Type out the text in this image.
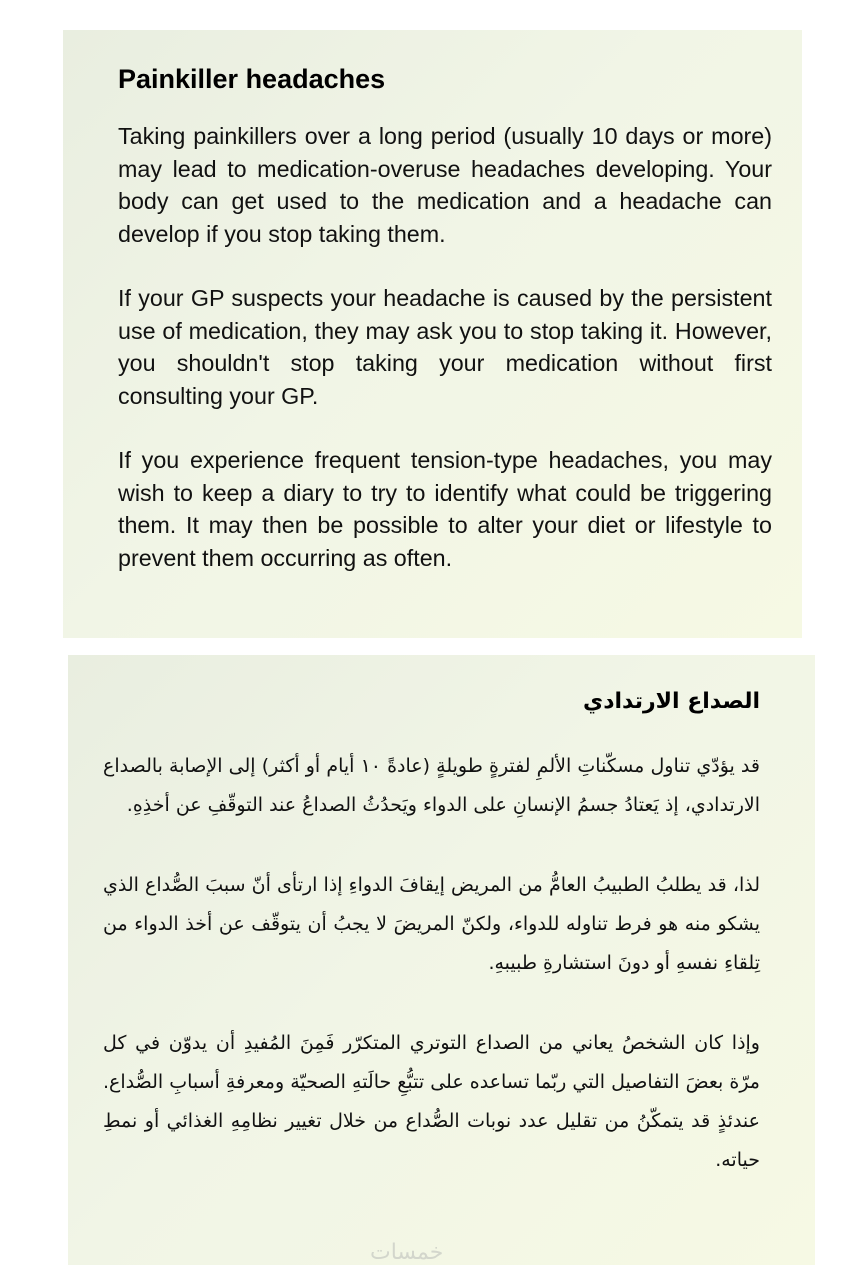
Painkiller headaches

Taking painkillers over a long period (usually 10 days or more) may lead to medication-overuse headaches developing. Your body can get used to the medication and a headache can develop if you stop taking them.

If your GP suspects your headache is caused by the persistent use of medication, they may ask you to stop taking it. However, you shouldn't stop taking your medication without first consulting your GP.

If you experience frequent tension-type headaches, you may wish to keep a diary to try to identify what could be triggering them. It may then be possible to alter your diet or lifestyle to prevent them occurring as often.

الصداع الارتدادي

قد يؤدّي تناول مسكّناتِ الألمِ لفترةٍ طويلةٍ (عادةً ١٠ أيام أو أكثر) إلى الإصابة بالصداع الارتدادي، إذ يَعتادُ جسمُ الإنسانِ على الدواء ويَحدُثُ الصداعُ عند التوقّفِ عن أخذِهِ.

لذا، قد يطلبُ الطبيبُ العامُّ من المريض إيقافَ الدواءِ إذا ارتأى أنّ سببَ الصُّداع الذي يشكو منه هو فرط تناوله للدواء، ولكنّ المريضَ لا يجبُ أن يتوقّف عن أخذ الدواء من تِلقاءِ نفسهِ أو دونَ استشارةِ طبيبهِ.

وإذا كان الشخصُ يعاني من الصداع التوتري المتكرّر فَمِنَ المُفيدِ أن يدوّن في كل مرّة بعضَ التفاصيل التي ربّما تساعده على تتبُّعِ حالَتهِ الصحيّة ومعرفةِ أسبابِ الصُّداع. عندئذٍ قد يتمكّنُ من تقليل عدد نوبات الصُّداع من خلال تغيير نظامِهِ الغذائي أو نمطِ حياته.

خمسات
